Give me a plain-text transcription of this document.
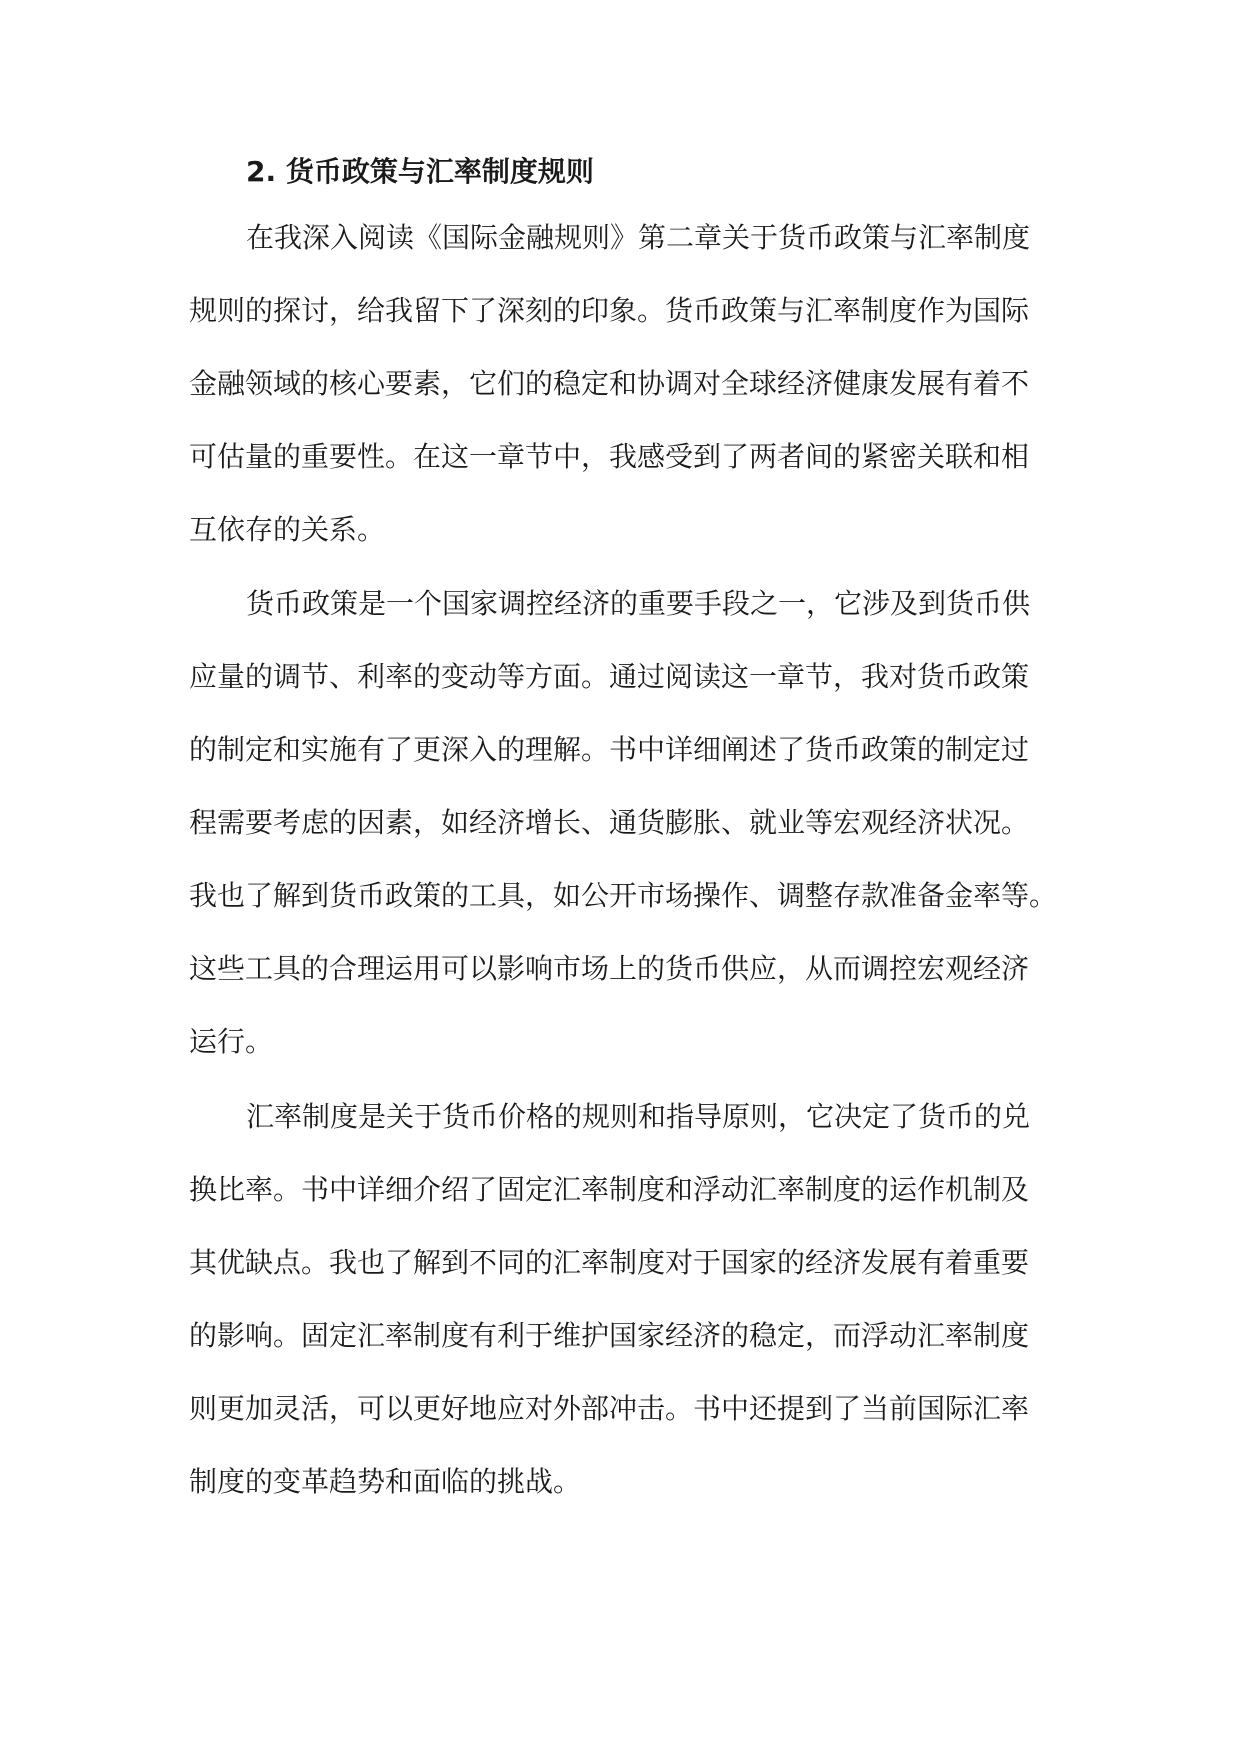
2. 货币政策与汇率制度规则
在我深入阅读《国际金融规则》第二章关于货币政策与汇率制度
规则的探讨，给我留下了深刻的印象。货币政策与汇率制度作为国际
金融领域的核心要素，它们的稳定和协调对全球经济健康发展有着不
可估量的重要性。在这一章节中，我感受到了两者间的紧密关联和相
互依存的关系。
货币政策是一个国家调控经济的重要手段之一，它涉及到货币供
应量的调节、利率的变动等方面。通过阅读这一章节，我对货币政策
的制定和实施有了更深入的理解。书中详细阐述了货币政策的制定过
程需要考虑的因素，如经济增长、通货膨胀、就业等宏观经济状况。
我也了解到货币政策的工具，如公开市场操作、调整存款准备金率等。
这些工具的合理运用可以影响市场上的货币供应，从而调控宏观经济
运行。
汇率制度是关于货币价格的规则和指导原则，它决定了货币的兑
换比率。书中详细介绍了固定汇率制度和浮动汇率制度的运作机制及
其优缺点。我也了解到不同的汇率制度对于国家的经济发展有着重要
的影响。固定汇率制度有利于维护国家经济的稳定，而浮动汇率制度
则更加灵活，可以更好地应对外部冲击。书中还提到了当前国际汇率
制度的变革趋势和面临的挑战。
